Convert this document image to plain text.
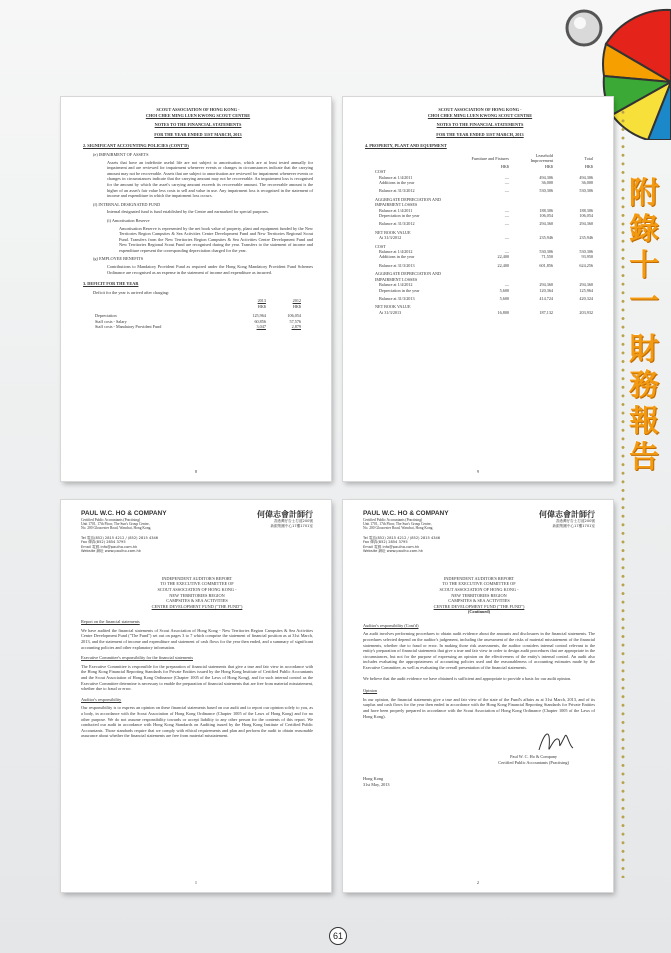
附
錄
十
一
財
務
報
告
SCOUT ASSOCIATION OF HONG KONG -
CHOI CHEE MING LUEN KWONG SCOUT CENTRE
NOTES TO THE FINANCIAL STATEMENTS
FOR THE YEAR ENDED 31ST MARCH, 2013
2. SIGNIFICANT ACCOUNTING POLICIES (CONT'D)
(e) IMPAIRMENT OF ASSETS

Assets that have an indefinite useful life are not subject to amortisation, which are at least tested annually for impairment and are reviewed for impairment whenever events or changes in circumstances indicate that the carrying amount may not be recoverable. Assets that are subject to amortisation are reviewed for impairment whenever events or changes in circumstances indicate that the carrying amount may not be recoverable. An impairment loss is recognised for the amount by which the asset's carrying amount exceeds its recoverable amount. The recoverable amount is the higher of an asset's fair value less costs to sell and value in use. Any impairment loss is recognised in the statement of income and expenditure in which the impairment loss occurs.

(f) INTERNAL DESIGNATED FUND

Internal designated fund is fund established by the Centre and earmarked for special purposes.

(i) Amortisation Reserve

Amortisation Reserve is represented by the net book value of property, plant and equipment funded by the New Territories Region Campsites & Sea Activities Centre Development Fund and New Territories Regional Scout Fund. Transfers from the New Territories Region Campsites & Sea Activities Centre Development Fund and New Territories Regional Scout Fund are recognised during the year. Transfers to the statement of income and expenditure represent the corresponding depreciation charged for the year.

(g) EMPLOYEE BENEFITS

Contributions to Mandatory Provident Fund as required under the Hong Kong Mandatory Provident Fund Schemes Ordinance are recognised as an expense in the statement of income and expenditure as incurred.

3. DEFICIT FOR THE YEAR
Deficit for the year is arrived after charging:
	2013	2012
	HK$	HK$

Depreciation	125,964	106,054
Staff costs - Salary	60,856	57,576
Staff costs - Mandatory Provident Fund	3,047	2,879
8
SCOUT ASSOCIATION OF HONG KONG -
CHOI CHEE MING LUEN KWONG SCOUT CENTRE
NOTES TO THE FINANCIAL STATEMENTS
FOR THE YEAR ENDED 31ST MARCH, 2013
4. PROPERTY, PLANT AND EQUIPMENT
	Furniture and Fixtures	Leasehold Improvement	Total
	HK$	HK$	HK$
COST			
Balance at 1/4/2011	—	494,306	494,306
Additions in the year	—	36,000	36,000

Balance at 31/3/2012	—	530,306	530,306

AGGREGATE DEPRECIATION AND IMPAIRMENT LOSSES			
Balance at 1/4/2011	—	188,306	188,306
Depreciation in the year	—	106,054	106,054

Balance at 31/3/2012	—	294,360	294,360

NET BOOK VALUE			
At 31/3/2012	—	235,946	235,946

COST			
Balance at 1/4/2012	—	530,306	530,306
Additions in the year	22,400	71,550	93,950

Balance at 31/3/2013	22,400	601,856	624,256

AGGREGATE DEPRECIATION AND IMPAIRMENT LOSSES			
Balance at 1/4/2012	—	294,360	294,360
Depreciation in the year	5,600	120,364	125,964

Balance at 31/3/2013	5,600	414,724	420,324

NET BOOK VALUE			
At 31/3/2013	16,800	187,132	203,932
9
PAUL W.C. HO & COMPANY
Certified Public Accountants (Practising)
Unit 1701, 17th Floor, The Sun's Group Centre,
No. 200 Gloucester Road, Wanchai, Hong Kong.
何偉志會計師行
香港灣仔告士打道200號
新銀集團中心17樓1701室
Tel 電話(852) 2815 4212 / (852) 2815 4346
Fax 傳真(852) 2854 3795
Email 電郵 info@paulho.com.hk
Website 網址 www.paulho.com.hk
INDEPENDENT AUDITOR'S REPORT
TO THE EXECUTIVE COMMITTEE OF
SCOUT ASSOCIATION OF HONG KONG -
NEW TERRITORIES REGION
CAMPSITES & SEA ACTIVITIES
CENTRE DEVELOPMENT FUND ("THE FUND")
Report on the financial statements

We have audited the financial statements of Scout Association of Hong Kong - New Territories Region Campsites & Sea Activities Centre Development Fund ("The Fund") set out on pages 3 to 7 which comprise the statement of financial position as at 31st March, 2013, and the statement of income and expenditure and statement of cash flows for the year then ended, and a summary of significant accounting policies and other explanatory information.

Executive Committee's responsibility for the financial statements

The Executive Committee is responsible for the preparation of financial statements that give a true and fair view in accordance with the Hong Kong Financial Reporting Standards for Private Entities issued by the Hong Kong Institute of Certified Public Accountants and the Scout Association of Hong Kong Ordinance (Chapter 1005 of the Laws of Hong Kong), and for such internal control as the Executive Committee determine is necessary to enable the preparation of financial statements that are free from material misstatement, whether due to fraud or error.

Auditor's responsibility

Our responsibility is to express an opinion on these financial statements based on our audit and to report our opinion solely to you, as a body, in accordance with the Scout Association of Hong Kong Ordinance (Chapter 1005 of the Laws of Hong Kong) and for no other purpose. We do not assume responsibility towards or accept liability to any other person for the contents of this report. We conducted our audit in accordance with Hong Kong Standards on Auditing issued by the Hong Kong Institute of Certified Public Accountants. Those standards require that we comply with ethical requirements and plan and perform the audit to obtain reasonable assurance about whether the financial statements are free from material misstatement.

1
PAUL W.C. HO & COMPANY
Certified Public Accountants (Practising)
Unit 1701, 17th Floor, The Sun's Group Centre,
No. 200 Gloucester Road, Wanchai, Hong Kong.
何偉志會計師行
香港灣仔告士打道200號
新銀集團中心17樓1701室
Tel 電話(852) 2815 4212 / (852) 2815 4346
Fax 傳真(852) 2854 3795
Email 電郵 info@paulho.com.hk
Website 網址 www.paulho.com.hk
INDEPENDENT AUDITOR'S REPORT
TO THE EXECUTIVE COMMITTEE OF
SCOUT ASSOCIATION OF HONG KONG -
NEW TERRITORIES REGION
CAMPSITES & SEA ACTIVITIES
CENTRE DEVELOPMENT FUND ("THE FUND")
(Continued)
Auditor's responsibility (Cont'd)

An audit involves performing procedures to obtain audit evidence about the amounts and disclosures in the financial statements. The procedures selected depend on the auditor's judgement, including the assessment of the risks of material misstatement of the financial statements, whether due to fraud or error. In making those risk assessments, the auditor considers internal control relevant to the entity's preparation of financial statements that give a true and fair view in order to design audit procedures that are appropriate in the circumstances, but not for the purpose of expressing an opinion on the effectiveness of the entity's internal control. An audit also includes evaluating the appropriateness of accounting policies used and the reasonableness of accounting estimates made by the Executive Committee, as well as evaluating the overall presentation of the financial statements.

We believe that the audit evidence we have obtained is sufficient and appropriate to provide a basis for our audit opinion.

Opinion

In our opinion, the financial statements give a true and fair view of the state of the Fund's affairs as at 31st March, 2013, and of its surplus and cash flows for the year then ended in accordance with the Hong Kong Financial Reporting Standards for Private Entities and have been properly prepared in accordance with the Scout Association of Hong Kong Ordinance (Chapter 1005 of the Laws of Hong Kong).

Paul W. C. Ho & Company
Certified Public Accountants (Practising)
Hong Kong
31st May, 2013
2
61
